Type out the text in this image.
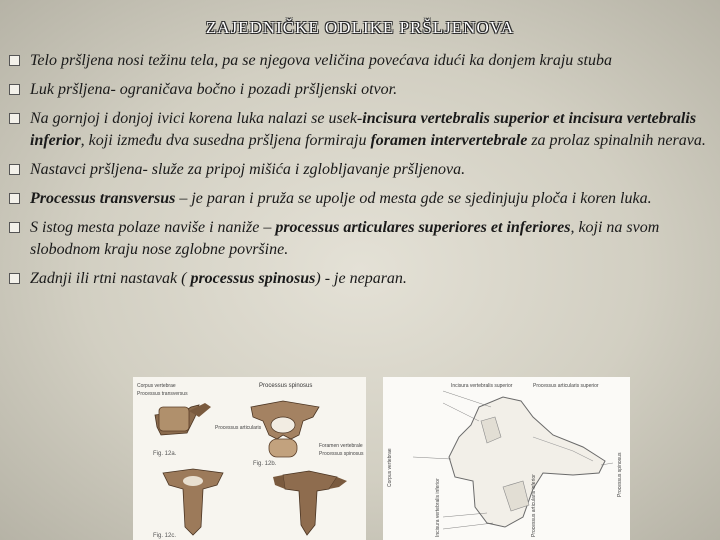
ZAJEDNIČKE ODLIKE PRŠLJENOVA
Telo pršljena nosi težinu tela, pa se njegova veličina povećava idući ka donjem kraju stuba
Luk pršljena- ograničava bočno i pozadi pršljenski otvor.
Na gornjoj i donjoj ivici korena luka nalazi se usek-incisura vertebralis superior et incisura vertebralis inferior, koji između dva susedna pršljena formiraju foramen intervertebrale za prolaz spinalnih nerava.
Nastavci pršljena- služe za pripoj mišića i zglobljavanje pršljenova.
Processus transversus – je paran i pruža se upolje od mesta gde se sjedinjuju ploča i koren luka.
S istog mesta polaze naviše i naniže – processus articulares superiores et inferiores, koji na svom slobodnom kraju nose zglobne površine.
Zadnji ili rtni nastavak ( processus spinosus) - je neparan.
Processus spinosus
Corpus vertebrae
Processus transversus
Processus articularis
Foramen vertebrale
Processus spinosus
Fig. 12a.
Fig. 12b.
Fig. 12c.
Incisura vertebralis superior	Processus articularis superior
Corpus vertebrae	Processus spinosus
Incisura vertebralis inferior	Processus articularis inferior
